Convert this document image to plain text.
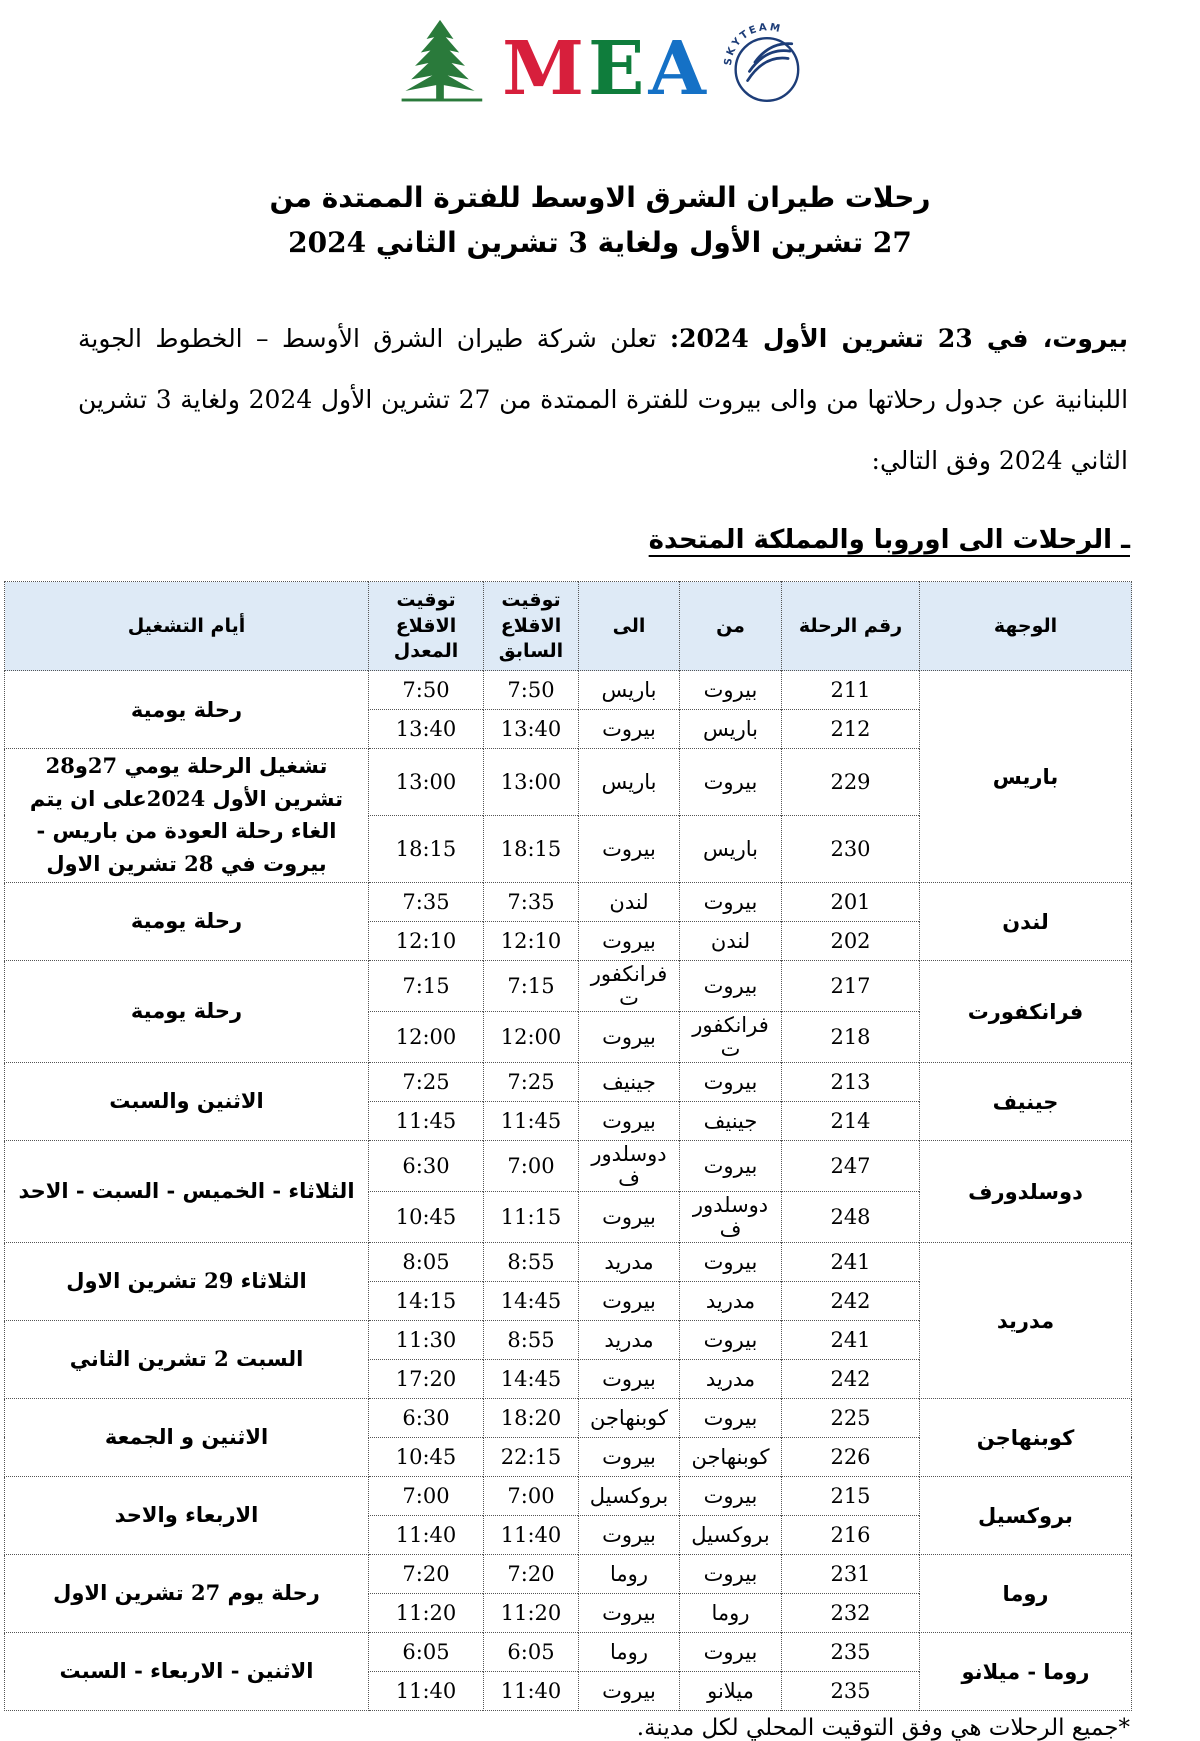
M E A SKYTEAM
رحلات طيران الشرق الاوسط للفترة الممتدة من
27 تشرين الأول ولغاية 3 تشرين الثاني 2024

بيروت، في 23 تشرين الأول 2024: تعلن شركة طيران الشرق الأوسط – الخطوط الجوية اللبنانية عن جدول رحلاتها من والى بيروت للفترة الممتدة من 27 تشرين الأول 2024 ولغاية 3 تشرين الثاني 2024 وفق التالي:

ـ الرحلات الى اوروبا والمملكة المتحدة
الوجهة	رقم الرحلة	من	الى	توقيت الاقلاع السابق	توقيت الاقلاع المعدل	أيام التشغيل
باريس	211	بيروت	باريس	7:50	7:50	رحلة يومية
	212	باريس	بيروت	13:40	13:40	
	229	بيروت	باريس	13:00	13:00	تشغيل الرحلة يومي 27و28 تشرين الأول 2024على ان يتم الغاء رحلة العودة من باريس - بيروت في 28 تشرين الاول
	230	باريس	بيروت	18:15	18:15	
لندن	201	بيروت	لندن	7:35	7:35	رحلة يومية
	202	لندن	بيروت	12:10	12:10	
فرانكفورت	217	بيروت	فرانكفورت	7:15	7:15	رحلة يومية
	218	فرانكفورت	بيروت	12:00	12:00	
جينيف	213	بيروت	جينيف	7:25	7:25	الاثنين والسبت
	214	جينيف	بيروت	11:45	11:45	
دوسلدورف	247	بيروت	دوسلدورف	7:00	6:30	الثلاثاء - الخميس - السبت - الاحد
	248	دوسلدورف	بيروت	11:15	10:45	
مدريد	241	بيروت	مدريد	8:55	8:05	الثلاثاء 29 تشرين الاول
	242	مدريد	بيروت	14:45	14:15	
	241	بيروت	مدريد	8:55	11:30	السبت 2 تشرين الثاني
	242	مدريد	بيروت	14:45	17:20	
كوبنهاجن	225	بيروت	كوبنهاجن	18:20	6:30	الاثنين و الجمعة
	226	كوبنهاجن	بيروت	22:15	10:45	
بروكسيل	215	بيروت	بروكسيل	7:00	7:00	الاربعاء والاحد
	216	بروكسيل	بيروت	11:40	11:40	
روما	231	بيروت	روما	7:20	7:20	رحلة يوم 27 تشرين الاول
	232	روما	بيروت	11:20	11:20	
روما - ميلانو	235	بيروت	روما	6:05	6:05	الاثنين - الاربعاء - السبت
	235	ميلانو	بيروت	11:40	11:40	
*جميع الرحلات هي وفق التوقيت المحلي لكل مدينة.
